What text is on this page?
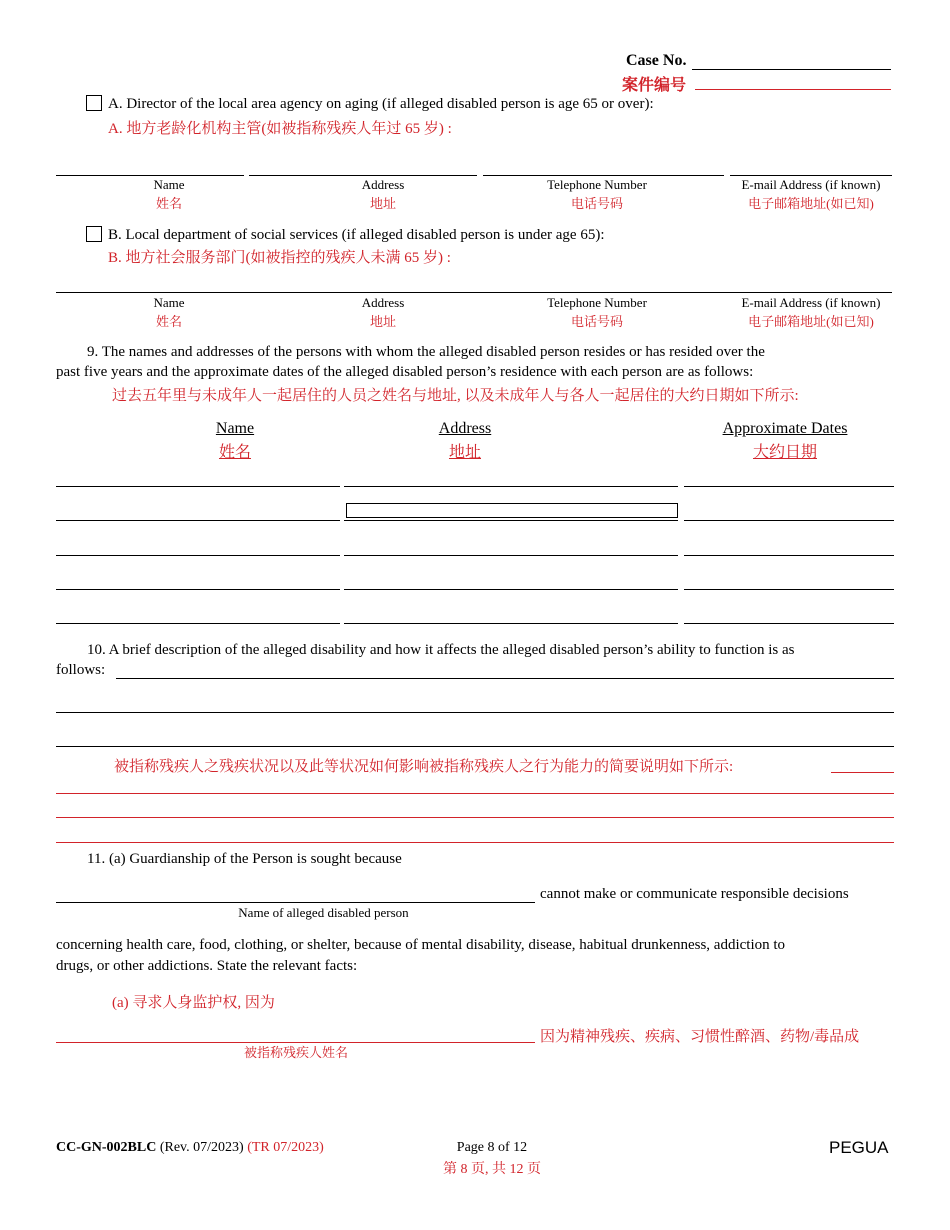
Case No.
案件编号
A. Director of the local area agency on aging (if alleged disabled person is age 65 or over):
A. 地方老龄化机构主管(如被指称残疾人年过 65 岁) :
Name
姓名
Address
地址
Telephone Number
电话号码
E-mail Address (if known)
电子邮箱地址(如已知)
B. Local department of social services (if alleged disabled person is under age 65):
B. 地方社会服务部门(如被指控的残疾人未满 65 岁) :
Name
姓名
Address
地址
Telephone Number
电话号码
E-mail Address (if known)
电子邮箱地址(如已知)
9. The names and addresses of the persons with whom the alleged disabled person resides or has resided over the
past five years and the approximate dates of the alleged disabled person’s residence with each person are as follows:
过去五年里与未成年人一起居住的人员之姓名与地址, 以及未成年人与各人一起居住的大约日期如下所示:
Name
姓名
Address
地址
Approximate Dates
大约日期
10. A brief description of the alleged disability and how it affects the alleged disabled person’s ability to function is as
follows:
被指称残疾人之残疾状况以及此等状况如何影响被指称残疾人之行为能力的简要说明如下所示:
11. (a) Guardianship of the Person is sought because
cannot make or communicate responsible decisions
Name of alleged disabled person
concerning health care, food, clothing, or shelter, because of mental disability, disease, habitual drunkenness, addiction to
drugs, or other addictions. State the relevant facts:
(a) 寻求人身监护权, 因为
因为精神残疾、疾病、习惯性醉酒、药物/毒品成
被指称残疾人姓名
CC-GN-002BLC (Rev. 07/2023) (TR 07/2023)	Page 8 of 12
第 8 页, 共 12 页
PEGUA
